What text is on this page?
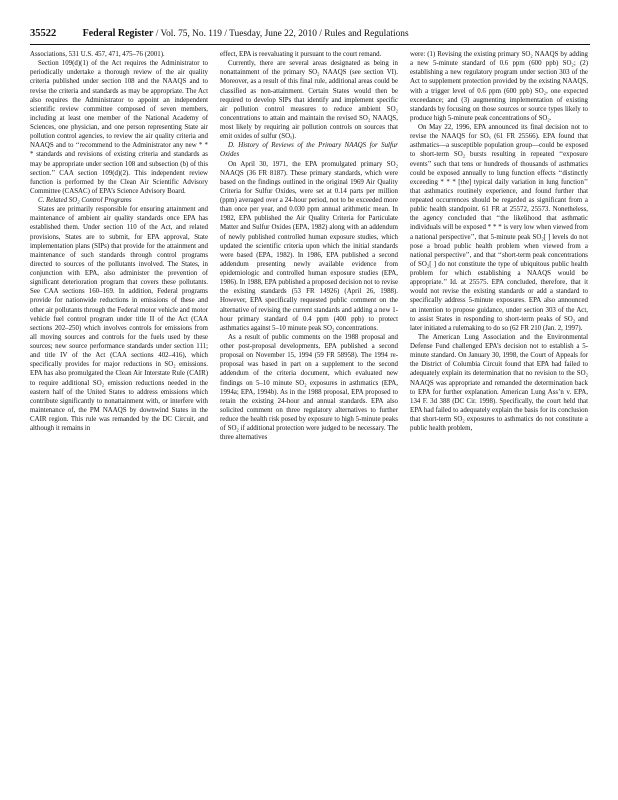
35522	Federal Register / Vol. 75, No. 119 / Tuesday, June 22, 2010 / Rules and Regulations

Associations, 531 U.S. 457, 471, 475–76 (2001).

Section 109(d)(1) of the Act requires the Administrator to periodically undertake a thorough review of the air quality criteria published under section 108 and the NAAQS and to revise the criteria and standards as may be appropriate. The Act also requires the Administrator to appoint an independent scientific review committee composed of seven members, including at least one member of the National Academy of Sciences, one physician, and one person representing State air pollution control agencies, to review the air quality criteria and NAAQS and to ‘‘recommend to the Administrator any new * * * standards and revisions of existing criteria and standards as may be appropriate under section 108 and subsection (b) of this section.’’ CAA section 109(d)(2). This independent review function is performed by the Clean Air Scientific Advisory Committee (CASAC) of EPA’s Science Advisory Board.

C. Related SO₂ Control Programs

States are primarily responsible for ensuring attainment and maintenance of ambient air quality standards once EPA has established them. Under section 110 of the Act, and related provisions, States are to submit, for EPA approval, State implementation plans (SIPs) that provide for the attainment and maintenance of such standards through control programs directed to sources of the pollutants involved. The States, in conjunction with EPA, also administer the prevention of significant deterioration program that covers these pollutants. See CAA sections 160–169. In addition, Federal programs provide for nationwide reductions in emissions of these and other air pollutants through the Federal motor vehicle and motor vehicle fuel control program under title II of the Act (CAA sections 202–250) which involves controls for emissions from all moving sources and controls for the fuels used by these sources; new source performance standards under section 111; and title IV of the Act (CAA sections 402–416), which specifically provides for major reductions in SO₂ emissions. EPA has also promulgated the Clean Air Interstate Rule (CAIR) to require additional SO₂ emission reductions needed in the eastern half of the United States to address emissions which contribute significantly to nonattainment with, or interfere with maintenance of, the PM NAAQS by downwind States in the CAIR region. This rule was remanded by the DC Circuit, and although it remains in

effect, EPA is reevaluating it pursuant to the court remand.

Currently, there are several areas designated as being in nonattainment of the primary SO₂ NAAQS (see section VI). Moreover, as a result of this final rule, additional areas could be classified as non-attainment. Certain States would then be required to develop SIPs that identify and implement specific air pollution control measures to reduce ambient SO₂ concentrations to attain and maintain the revised SO₂ NAAQS, most likely by requiring air pollution controls on sources that emit oxides of sulfur (SOₓ).

D. History of Reviews of the Primary NAAQS for Sulfur Oxides

On April 30, 1971, the EPA promulgated primary SO₂ NAAQS (36 FR 8187). These primary standards, which were based on the findings outlined in the original 1969 Air Quality Criteria for Sulfur Oxides, were set at 0.14 parts per million (ppm) averaged over a 24-hour period, not to be exceeded more than once per year, and 0.030 ppm annual arithmetic mean. In 1982, EPA published the Air Quality Criteria for Particulate Matter and Sulfur Oxides (EPA, 1982) along with an addendum of newly published controlled human exposure studies, which updated the scientific criteria upon which the initial standards were based (EPA, 1982). In 1986, EPA published a second addendum presenting newly available evidence from epidemiologic and controlled human exposure studies (EPA, 1986). In 1988, EPA published a proposed decision not to revise the existing standards (53 FR 14926) (April 26, 1988). However, EPA specifically requested public comment on the alternative of revising the current standards and adding a new 1-hour primary standard of 0.4 ppm (400 ppb) to protect asthmatics against 5–10 minute peak SO₂ concentrations.

As a result of public comments on the 1988 proposal and other post-proposal developments, EPA published a second proposal on November 15, 1994 (59 FR 58958). The 1994 re-proposal was based in part on a supplement to the second addendum of the criteria document, which evaluated new findings on 5–10 minute SO₂ exposures in asthmatics (EPA, 1994a; EPA, 1994b). As in the 1988 proposal, EPA proposed to retain the existing 24-hour and annual standards. EPA also solicited comment on three regulatory alternatives to further reduce the health risk posed by exposure to high 5-minute peaks of SO₂ if additional protection were judged to be necessary. The three alternatives

were: (1) Revising the existing primary SO₂ NAAQS by adding a new 5-minute standard of 0.6 ppm (600 ppb) SO₂; (2) establishing a new regulatory program under section 303 of the Act to supplement protection provided by the existing NAAQS, with a trigger level of 0.6 ppm (600 ppb) SO₂, one expected exceedance; and (3) augmenting implementation of existing standards by focusing on those sources or source types likely to produce high 5-minute peak concentrations of SO₂.

On May 22, 1996, EPA announced its final decision not to revise the NAAQS for SOₓ (61 FR 25566). EPA found that asthmatics—a susceptible population group—could be exposed to short-term SO₂ bursts resulting in repeated ‘‘exposure events’’ such that tens or hundreds of thousands of asthmatics could be exposed annually to lung function effects ‘‘distinctly exceeding * * * [the] typical daily variation in lung function’’ that asthmatics routinely experience, and found further that repeated occurrences should be regarded as significant from a public health standpoint. 61 FR at 25572, 25573. Nonetheless, the agency concluded that ‘‘the likelihood that asthmatic individuals will be exposed * * * is very low when viewed from a national perspective’’, that 5-minute peak SO₂[ ] levels do not pose a broad public health problem when viewed from a national perspective’’, and that ‘‘short-term peak concentrations of SO₂[ ] do not constitute the type of ubiquitous public health problem for which establishing a NAAQS would be appropriate.’’ Id. at 25575. EPA concluded, therefore, that it would not revise the existing standards or add a standard to specifically address 5-minute exposures. EPA also announced an intention to propose guidance, under section 303 of the Act, to assist States in responding to short-term peaks of SO₂ and later initiated a rulemaking to do so (62 FR 210 (Jan. 2, 1997).

The American Lung Association and the Environmental Defense Fund challenged EPA’s decision not to establish a 5-minute standard. On January 30, 1998, the Court of Appeals for the District of Columbia Circuit found that EPA had failed to adequately explain its determination that no revision to the SO₂ NAAQS was appropriate and remanded the determination back to EPA for further explanation. American Lung Ass’n v. EPA, 134 F. 3d 388 (DC Cir. 1998). Specifically, the court held that EPA had failed to adequately explain the basis for its conclusion that short-term SO₂ exposures to asthmatics do not constitute a public health problem,
